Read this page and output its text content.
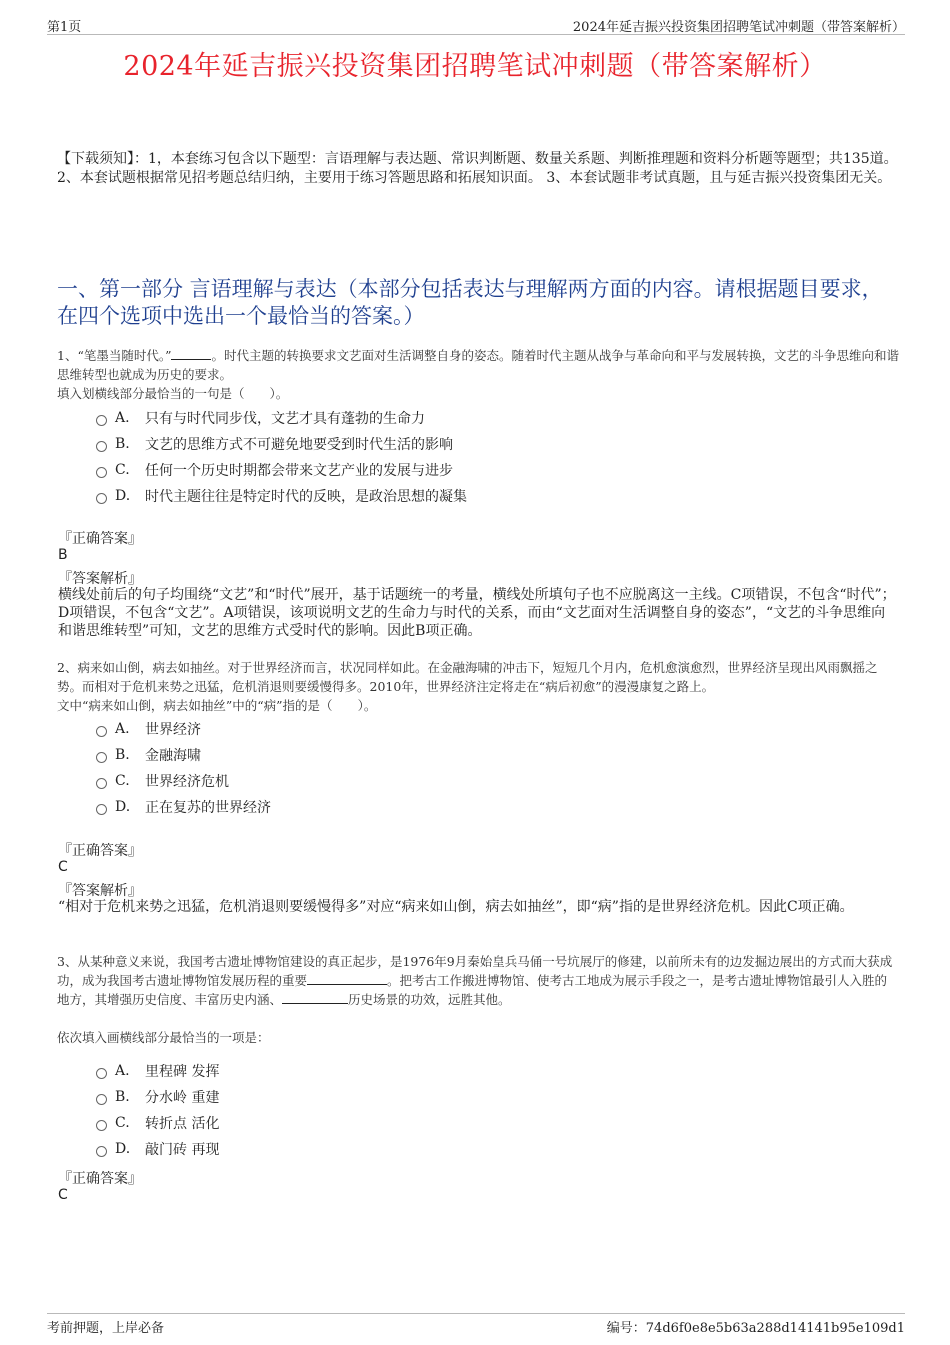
第1页	2024年延吉振兴投资集团招聘笔试冲刺题（带答案解析）
2024年延吉振兴投资集团招聘笔试冲刺题（带答案解析）
【下载须知】：1，本套练习包含以下题型：言语理解与表达题、常识判断题、数量关系题、判断推理题和资料分析题等题型；共135道。 2、本套试题根据常见招考题总结归纳，主要用于练习答题思路和拓展知识面。 3、本套试题非考试真题，且与延吉振兴投资集团无关。
一、第一部分 言语理解与表达（本部分包括表达与理解两方面的内容。请根据题目要求，在四个选项中选出一个最恰当的答案。）
1、“笔墨当随时代。”	。时代主题的转换要求文艺面对生活调整自身的姿态。随着时代主题从战争与革命向和平与发展转换，文艺的斗争思维向和谐思维转型也就成为历史的要求。
填入划横线部分最恰当的一句是（　　）。
A.	只有与时代同步伐，文艺才具有蓬勃的生命力
B.	文艺的思维方式不可避免地要受到时代生活的影响
C.	任何一个历史时期都会带来文艺产业的发展与进步
D.	时代主题往往是特定时代的反映，是政治思想的凝集
『正确答案』
B
『答案解析』
横线处前后的句子均围绕“文艺”和“时代”展开，基于话题统一的考量，横线处所填句子也不应脱离这一主线。C项错误，不包含“时代”；D项错误，不包含“文艺”。A项错误，该项说明文艺的生命力与时代的关系，而由“文艺面对生活调整自身的姿态”，“文艺的斗争思维向和谐思维转型”可知，文艺的思维方式受时代的影响。因此B项正确。
2、病来如山倒，病去如抽丝。对于世界经济而言，状况同样如此。在金融海啸的冲击下，短短几个月内，危机愈演愈烈，世界经济呈现出风雨飘摇之势。而相对于危机来势之迅猛，危机消退则要缓慢得多。2010年，世界经济注定将走在“病后初愈”的漫漫康复之路上。
文中“病来如山倒，病去如抽丝”中的“病”指的是（　　）。
A.	世界经济
B.	金融海啸
C.	世界经济危机
D.	正在复苏的世界经济
『正确答案』
C
『答案解析』
“相对于危机来势之迅猛，危机消退则要缓慢得多”对应“病来如山倒，病去如抽丝”，即“病”指的是世界经济危机。因此C项正确。
3、从某种意义来说，我国考古遗址博物馆建设的真正起步，是1976年9月秦始皇兵马俑一号坑展厅的修建，以前所未有的边发掘边展出的方式而大获成功，成为我国考古遗址博物馆发展历程的重要	。把考古工作搬进博物馆、使考古工地成为展示手段之一，是考古遗址博物馆最引人入胜的地方，其增强历史信度、丰富历史内涵、	历史场景的功效，远胜其他。
依次填入画横线部分最恰当的一项是：
A.	里程碑 发挥
B.	分水岭 重建
C.	转折点 活化
D.	敲门砖 再现
『正确答案』
C
考前押题，上岸必备	编号：74d6f0e8e5b63a288d14141b95e109d1
